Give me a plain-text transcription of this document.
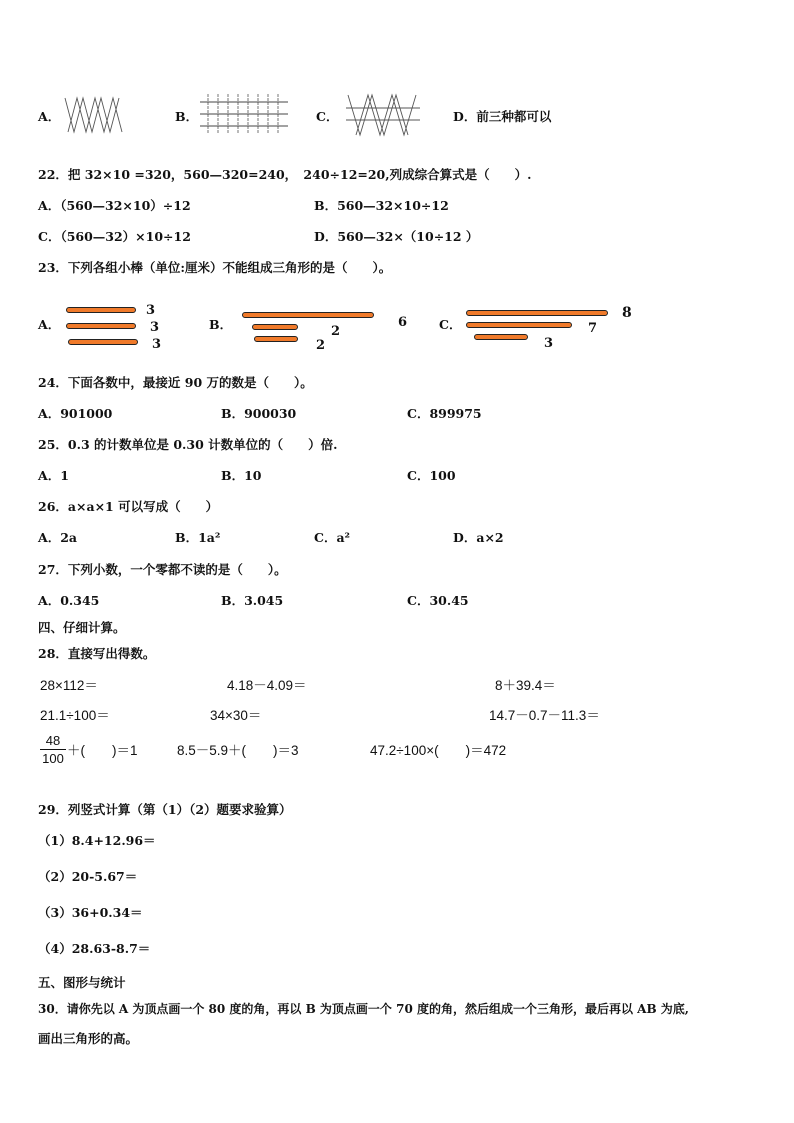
A．	B．	C．	D．前三种都可以
22．把 32×10 =320，560—320=240，　240÷12=20,列成综合算式是（　　）.
A．（560—32×10）÷12	B．560—32×10÷12
C．（560—32）×10÷12	D．560—32×（10÷12 ）
23．下列各组小棒（单位:厘米）不能组成三角形的是（　　）。
A．
3
3
3
B．	6
2
2
C．
8
7
3
24．下面各数中，最接近 90 万的数是（　　）。
A．901000	B．900030	C．899975
25．0.3 的计数单位是 0.30 计数单位的（　　）倍.
A．1	B．10	C．100
26．a×a×1 可以写成（　　）
A．2a	B．1a²	C．a²	D．a×2
27．下列小数，一个零都不读的是（　　）。
A．0.345	B．3.045	C．30.45
四、仔细计算。
28．直接写出得数。
28×112＝	4.18－4.09＝	8＋39.4＝
21.1÷100＝	34×30＝	14.7－0.7－11.3＝
48
100
＋(　　)＝1	8.5－5.9＋(　　)＝3	47.2÷100×(　　)＝472
29．列竖式计算（第（1）（2）题要求验算）
（1）8.4+12.96＝
（2）20-5.67＝
（3）36+0.34＝
（4）28.63-8.7＝
五、图形与统计
30．请你先以 A 为顶点画一个 80 度的角，再以 B 为顶点画一个 70 度的角，然后组成一个三角形，最后再以 AB 为底,
画出三角形的高。
